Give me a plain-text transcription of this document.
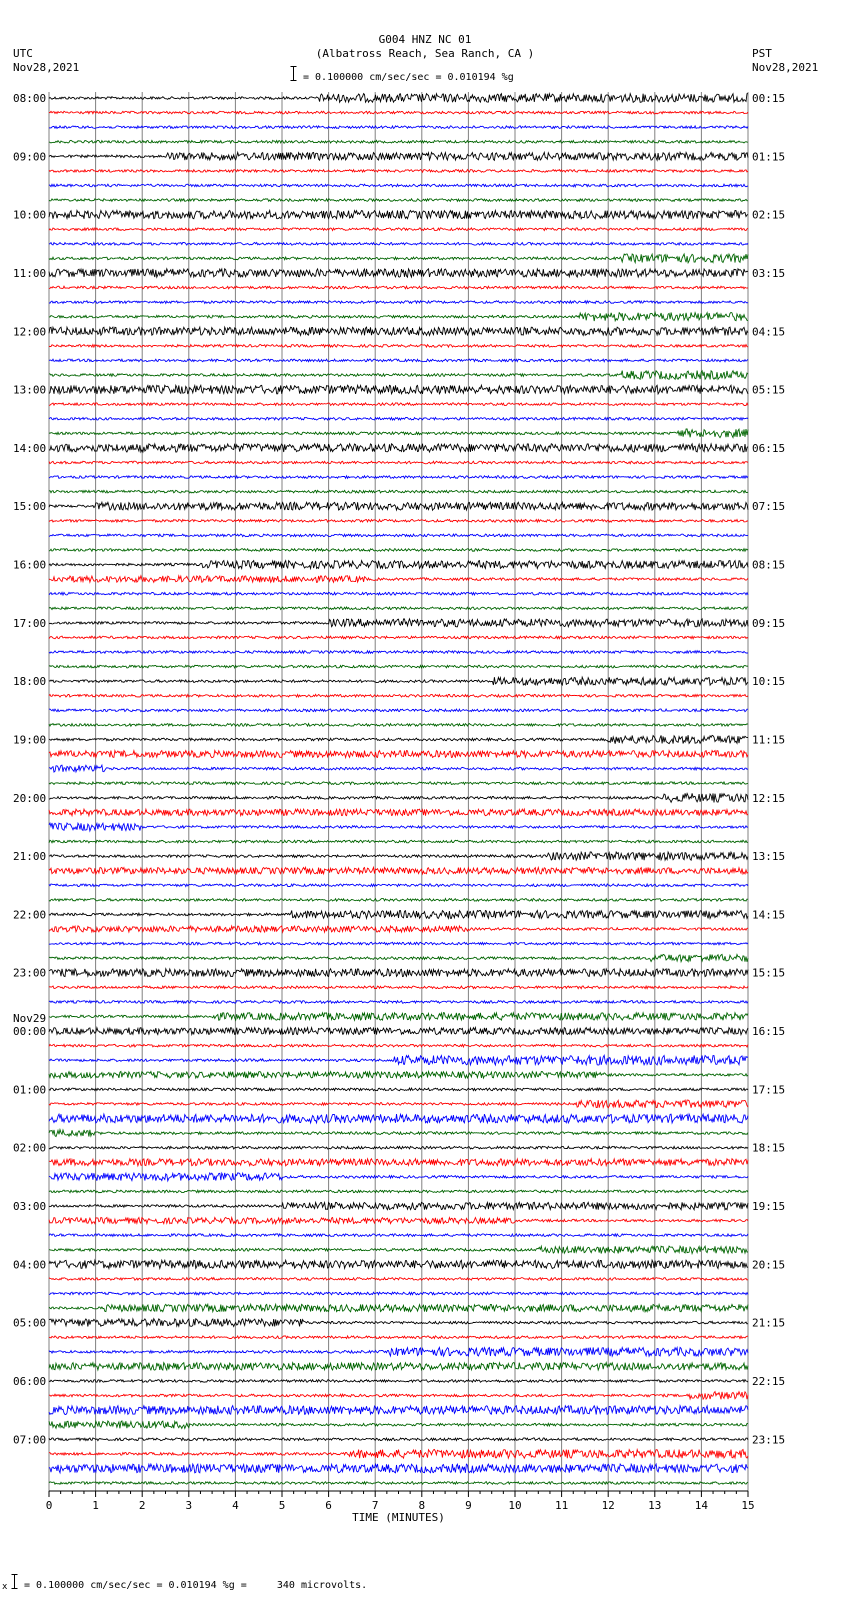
G004 HNZ NC 01
(Albatross Reach, Sea Ranch, CA )
UTC
Nov28,2021
PST
Nov28,2021
= 0.100000 cm/sec/sec = 0.010194 %g
08:00	00:15
09:00	01:15
10:00	02:15
11:00	03:15
12:00	04:15
13:00	05:15
14:00	06:15
15:00	07:15
16:00	08:15
17:00	09:15
18:00	10:15
19:00	11:15
20:00	12:15
21:00	13:15
22:00	14:15
23:00	15:15
00:00	16:15
Nov29
01:00	17:15
02:00	18:15
03:00	19:15
04:00	20:15
05:00	21:15
06:00	22:15
07:00	23:15
0	1	2	3	4	5	6	7	8	9	10	11	12	13	14	15
TIME (MINUTES)
x = 0.100000 cm/sec/sec = 0.010194 %g =     340 microvolts.
